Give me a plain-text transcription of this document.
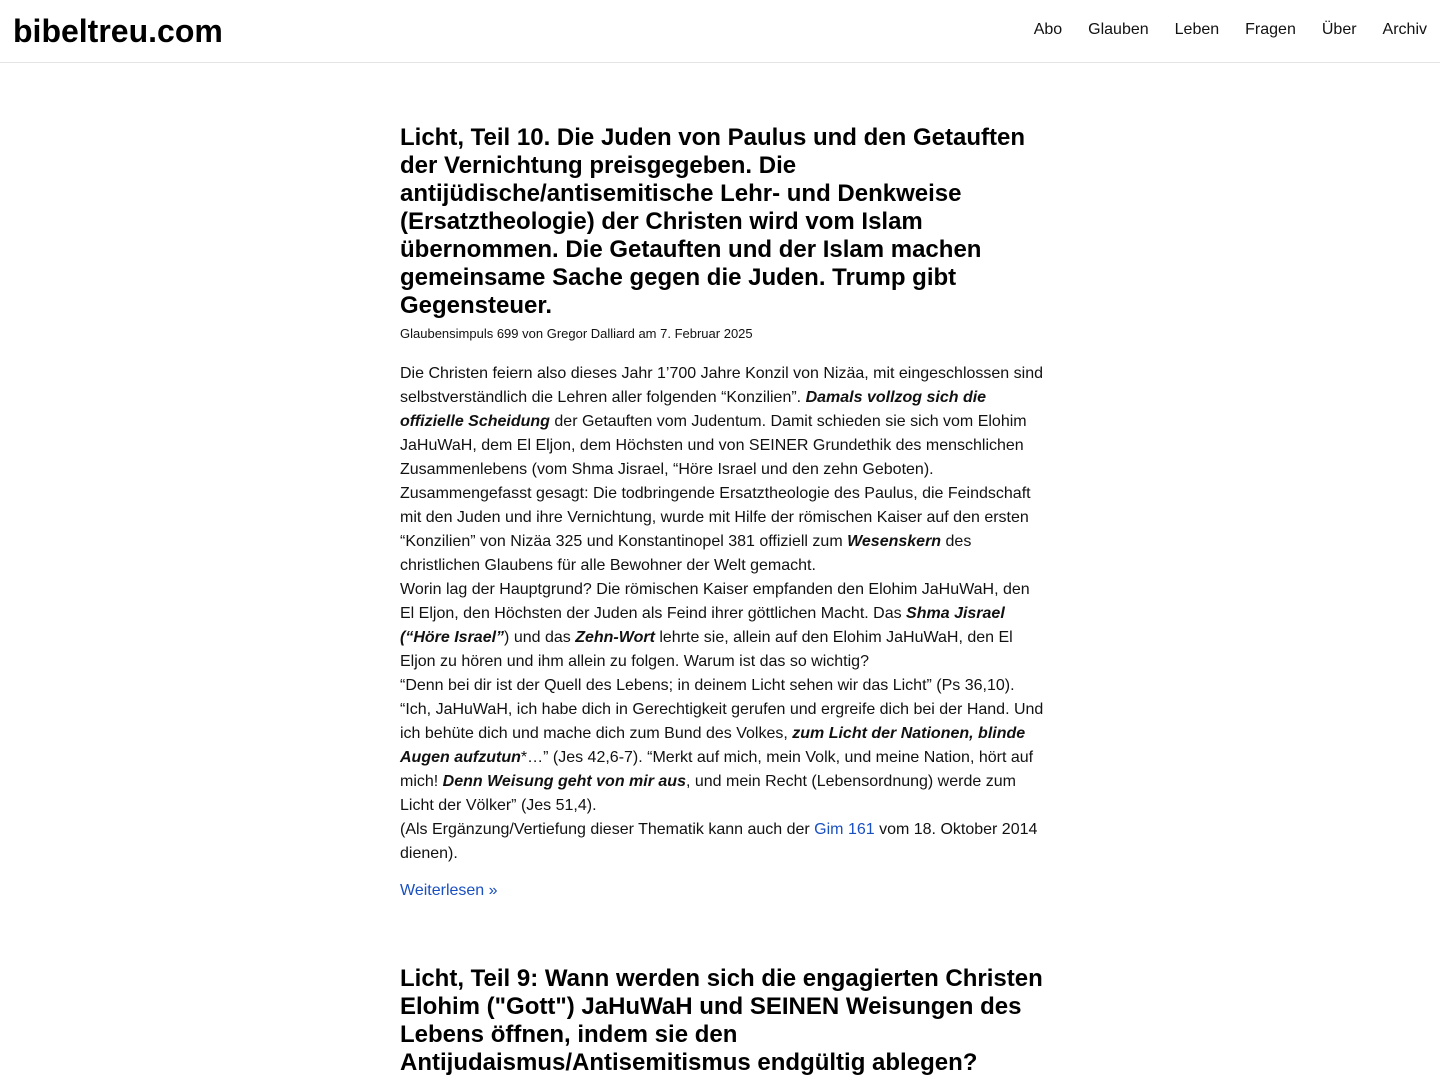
bibeltreu.com	Abo Glauben Leben Fragen Über Archiv
Licht, Teil 10. Die Juden von Paulus und den Getauften der Vernichtung preisgegeben. Die antijüdische/antisemitische Lehr- und Denkweise (Ersatztheologie) der Christen wird vom Islam übernommen. Die Getauften und der Islam machen gemeinsame Sache gegen die Juden. Trump gibt Gegensteuer.
Glaubensimpuls 699 von Gregor Dalliard am 7. Februar 2025

Die Christen feiern also dieses Jahr 1’700 Jahre Konzil von Nizäa, mit eingeschlossen sind selbstverständlich die Lehren aller folgenden “Konzilien”. Damals vollzog sich die offizielle Scheidung der Getauften vom Judentum. Damit schieden sie sich vom Elohim JaHuWaH, dem El Eljon, dem Höchsten und von SEINER Grundethik des menschlichen Zusammenlebens (vom Shma Jisrael, “Höre Israel und den zehn Geboten).

Zusammengefasst gesagt: Die todbringende Ersatztheologie des Paulus, die Feindschaft mit den Juden und ihre Vernichtung, wurde mit Hilfe der römischen Kaiser auf den ersten “Konzilien” von Nizäa 325 und Konstantinopel 381 offiziell zum Wesenskern des christlichen Glaubens für alle Bewohner der Welt gemacht.

Worin lag der Hauptgrund? Die römischen Kaiser empfanden den Elohim JaHuWaH, den El Eljon, den Höchsten der Juden als Feind ihrer göttlichen Macht. Das Shma Jisrael (“Höre Israel”) und das Zehn-Wort lehrte sie, allein auf den Elohim JaHuWaH, den El Eljon zu hören und ihm allein zu folgen. Warum ist das so wichtig?

“Denn bei dir ist der Quell des Lebens; in deinem Licht sehen wir das Licht” (Ps 36,10).

“Ich, JaHuWaH, ich habe dich in Gerechtigkeit gerufen und ergreife dich bei der Hand. Und ich behüte dich und mache dich zum Bund des Volkes, zum Licht der Nationen, blinde Augen aufzutun*…” (Jes 42,6-7). “Merkt auf mich, mein Volk, und meine Nation, hört auf mich! Denn Weisung geht von mir aus, und mein Recht (Lebensordnung) werde zum Licht der Völker” (Jes 51,4).

(Als Ergänzung/Vertiefung dieser Thematik kann auch der Gim 161 vom 18. Oktober 2014 dienen).

Weiterlesen »
Licht, Teil 9: Wann werden sich die engagierten Christen Elohim ("Gott") JaHuWaH und SEINEN Weisungen des Lebens öffnen, indem sie den Antijudaismus/Antisemitismus endgültig ablegen?
